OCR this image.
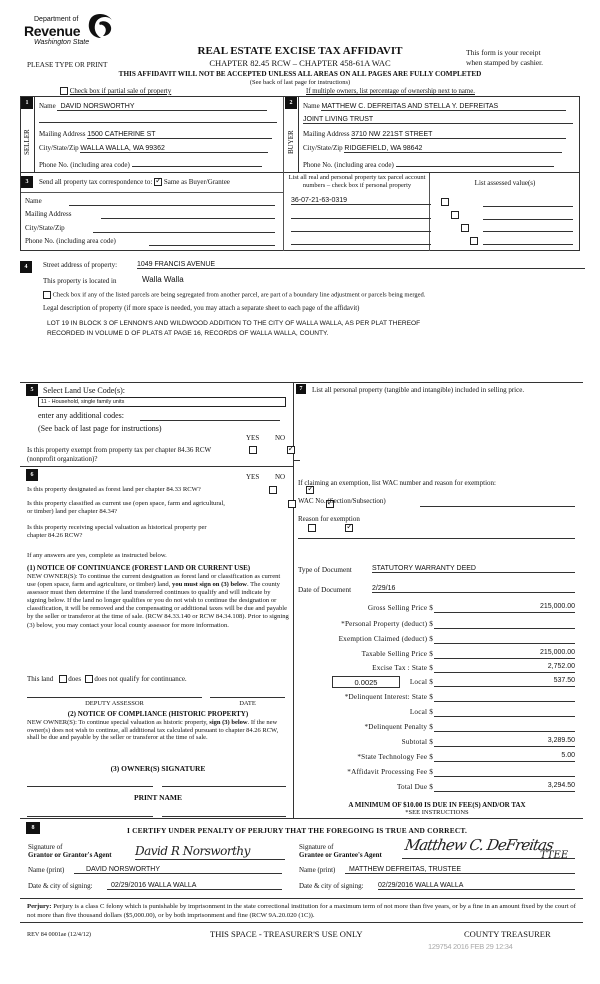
Department of
Revenue
Washington State
REAL ESTATE EXCISE TAX AFFIDAVIT
CHAPTER 82.45 RCW – CHAPTER 458-61A WAC
PLEASE TYPE OR PRINT
This form is your receipt
when stamped by cashier.
THIS AFFIDAVIT WILL NOT BE ACCEPTED UNLESS ALL AREAS ON ALL PAGES ARE FULLY COMPLETED
(See back of last page for instructions)
Check box if partial sale of property	If multiple owners, list percentage of ownership next to name.
1
SELLER
Name DAVID NORSWORTHY
Mailing Address 1500 CATHERINE ST
City/State/Zip WALLA WALLA, WA 99362
Phone No. (including area code)
2
BUYER
Name MATTHEW C. DEFREITAS AND STELLA Y. DEFREITAS
JOINT LIVING TRUST
Mailing Address 3710 NW 221ST STREET
City/State/Zip RIDGEFIELD, WA 98642
Phone No. (including area code)
3	Send all property tax correspondence to: ✓ Same as Buyer/Grantee
Name
Mailing Address
City/State/Zip
Phone No. (including area code)
List all real and personal property tax parcel account numbers – check box if personal property	List assessed value(s)
36-07-21-63-0319

4	Street address of property:	1049 FRANCIS AVENUE
This property is located in	Walla Walla
Check box if any of the listed parcels are being segregated from another parcel, are part of a boundary line adjustment or parcels being merged.
Legal description of property (if more space is needed, you may attach a separate sheet to each page of the affidavit)
LOT 19 IN BLOCK 3 OF LENNON'S AND WILDWOOD ADDITION TO THE CITY OF WALLA WALLA, AS PER PLAT THEREOF
RECORDED IN VOLUME D OF PLATS AT PAGE 16, RECORDS OF WALLA WALLA, COUNTY.
5	Select Land Use Code(s):
11 - Household, single family units
enter any additional codes:
(See back of last page for instructions)
YES NO
Is this property exempt from property tax per chapter 84.36 RCW (nonprofit organization)?
✓
6	YES NO
Is this property designated as forest land per chapter 84.33 RCW?
✓
Is this property classified as current use (open space, farm and agricultural, or timber) land per chapter 84.34?
✓
Is this property receiving special valuation as historical property per chapter 84.26 RCW?
✓
If any answers are yes, complete as instructed below.
(1) NOTICE OF CONTINUANCE (FOREST LAND OR CURRENT USE)
NEW OWNER(S): To continue the current designation as forest land or classification as current use (open space, farm and agriculture, or timber) land, you must sign on (3) below. The county assessor must then determine if the land transferred continues to qualify and will indicate by signing below. If the land no longer qualifies or you do not wish to continue the designation or classification, it will be removed and the compensating or additional taxes will be due and payable by the seller or transferor at the time of sale. (RCW 84.33.140 or RCW 84.34.108). Prior to signing (3) below, you may contact your local county assessor for more information.
This land does does not qualify for continuance.
DEPUTY ASSESSOR	DATE
(2) NOTICE OF COMPLIANCE (HISTORIC PROPERTY)
NEW OWNER(S): To continue special valuation as historic property, sign (3) below. If the new owner(s) does not wish to continue, all additional tax calculated pursuant to chapter 84.26 RCW, shall be due and payable by the seller or transferor at the time of sale.
(3) OWNER(S) SIGNATURE
PRINT NAME
7	List all personal property (tangible and intangible) included in selling price.
If claiming an exemption, list WAC number and reason for exemption:
WAC No. (Section/Subsection)
Reason for exemption
Type of Document	STATUTORY WARRANTY DEED
Date of Document	2/29/16
Gross Selling Price $	215,000.00
*Personal Property (deduct) $
Exemption Claimed (deduct) $
Taxable Selling Price $	215,000.00
Excise Tax : State $	2,752.00
0.0025	Local $	537.50
*Delinquent Interest: State $
Local $
*Delinquent Penalty $
Subtotal $	3,289.50
*State Technology Fee $	5.00
*Affidavit Processing Fee $
Total Due $	3,294.50
A MINIMUM OF $10.00 IS DUE IN FEE(S) AND/OR TAX
*SEE INSTRUCTIONS
8	I CERTIFY UNDER PENALTY OF PERJURY THAT THE FOREGOING IS TRUE AND CORRECT.
Signature of
Grantor or Grantor's Agent David R Norsworthy
Name (print)	DAVID NORSWORTHY
Date & city of signing:	02/29/2016 WALLA WALLA
Signature of
Grantee or Grantee's Agent
Matthew C. DeFreitas
TTEE
Name (print)	MATTHEW DEFREITAS, TRUSTEE
Date & city of signing: 02/29/2016 WALLA WALLA
Perjury: Perjury is a class C felony which is punishable by imprisonment in the state correctional institution for a maximum term of not more than five years, or by a fine in an amount fixed by the court of not more than five thousand dollars ($5,000.00), or by both imprisonment and fine (RCW 9A.20.020 (1C)).
REV 84 0001ae (12/4/12)	THIS SPACE - TREASURER'S USE ONLY	COUNTY TREASURER
129754 2016 FEB 29 12:34
